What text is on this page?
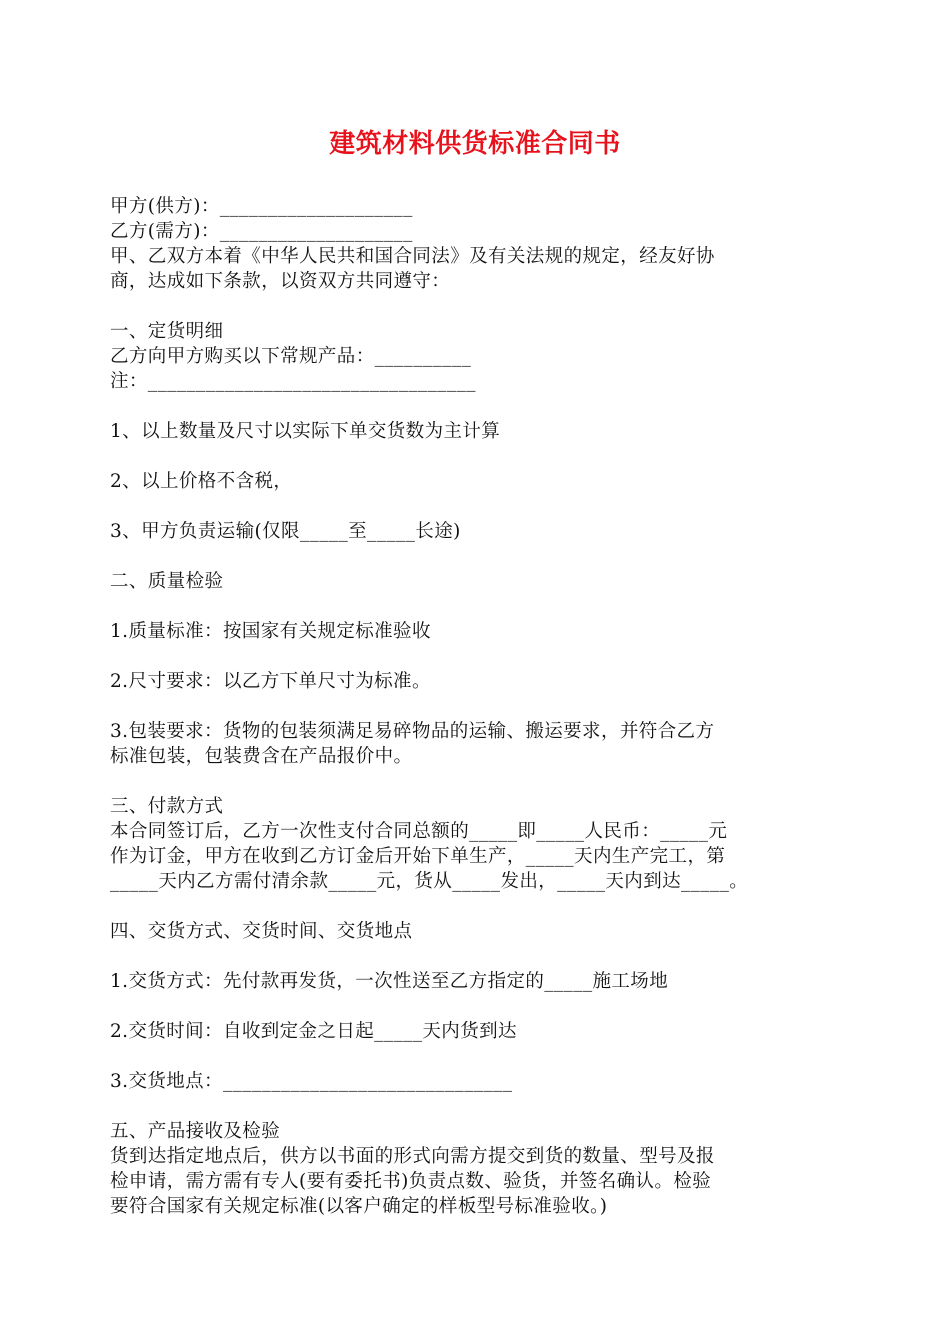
建筑材料供货标准合同书
甲方(供方)：____________________
乙方(需方)：____________________
甲、乙双方本着《中华人民共和国合同法》及有关法规的规定，经友好协
商，达成如下条款，以资双方共同遵守：
一、定货明细
乙方向甲方购买以下常规产品：__________
注：__________________________________
1、以上数量及尺寸以实际下单交货数为主计算
2、以上价格不含税，
3、甲方负责运输(仅限_____至_____长途)
二、质量检验
1.质量标准：按国家有关规定标准验收
2.尺寸要求：以乙方下单尺寸为标准。
3.包装要求：货物的包装须满足易碎物品的运输、搬运要求，并符合乙方
标准包装，包装费含在产品报价中。
三、付款方式
本合同签订后，乙方一次性支付合同总额的_____即_____人民币：_____元
作为订金，甲方在收到乙方订金后开始下单生产，_____天内生产完工，第
_____天内乙方需付清余款_____元，货从_____发出，_____天内到达_____。
四、交货方式、交货时间、交货地点
1.交货方式：先付款再发货，一次性送至乙方指定的_____施工场地
2.交货时间：自收到定金之日起_____天内货到达
3.交货地点：______________________________
五、产品接收及检验
货到达指定地点后，供方以书面的形式向需方提交到货的数量、型号及报
检申请，需方需有专人(要有委托书)负责点数、验货，并签名确认。检验
要符合国家有关规定标准(以客户确定的样板型号标准验收。)
